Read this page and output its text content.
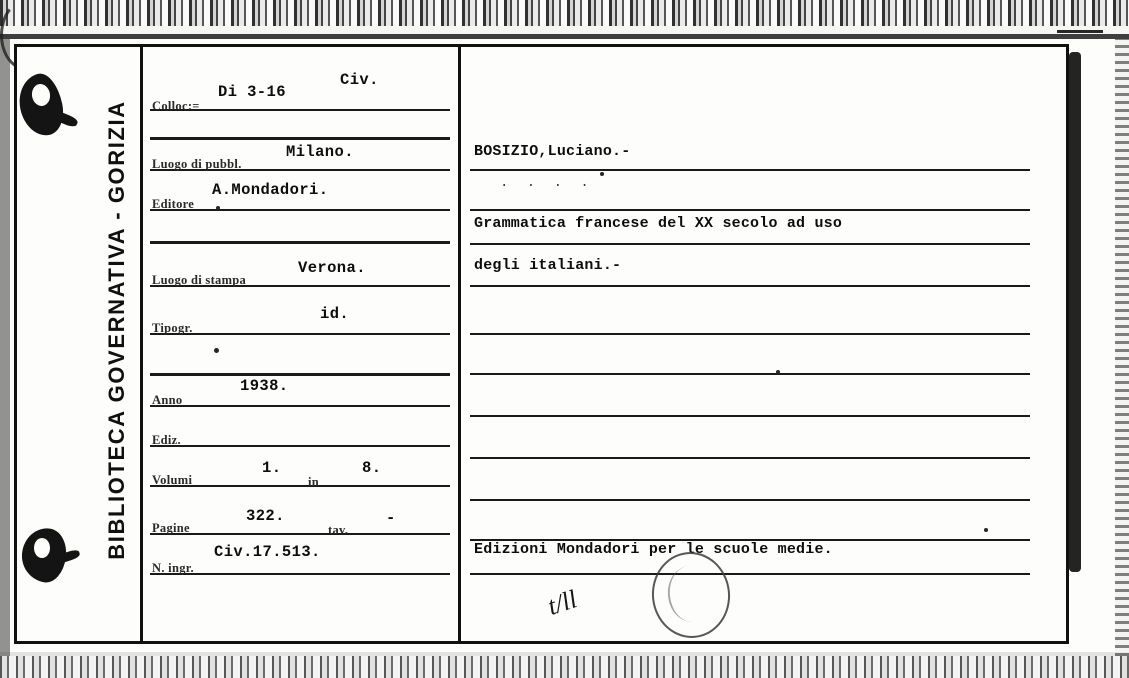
BIBLIOTECA GOVERNATIVA - GORIZIA Colloc:=
Di 3-16
Civ.
Luogo di pubbl.
Milano.
Editore
A.Mondadori.
Luogo di stampa
Verona.
Tipogr.
id.
Anno
1938.
Ediz.
Volumi
1.
in
8.
Pagine
322.
tav.
-
N. ingr.
Civ.17.513.
BOSIZIO,Luciano.-
. . . .
Grammatica francese del XX secolo ad uso
degli italiani.-
Edizioni Mondadori per le scuole medie.
t/ll
